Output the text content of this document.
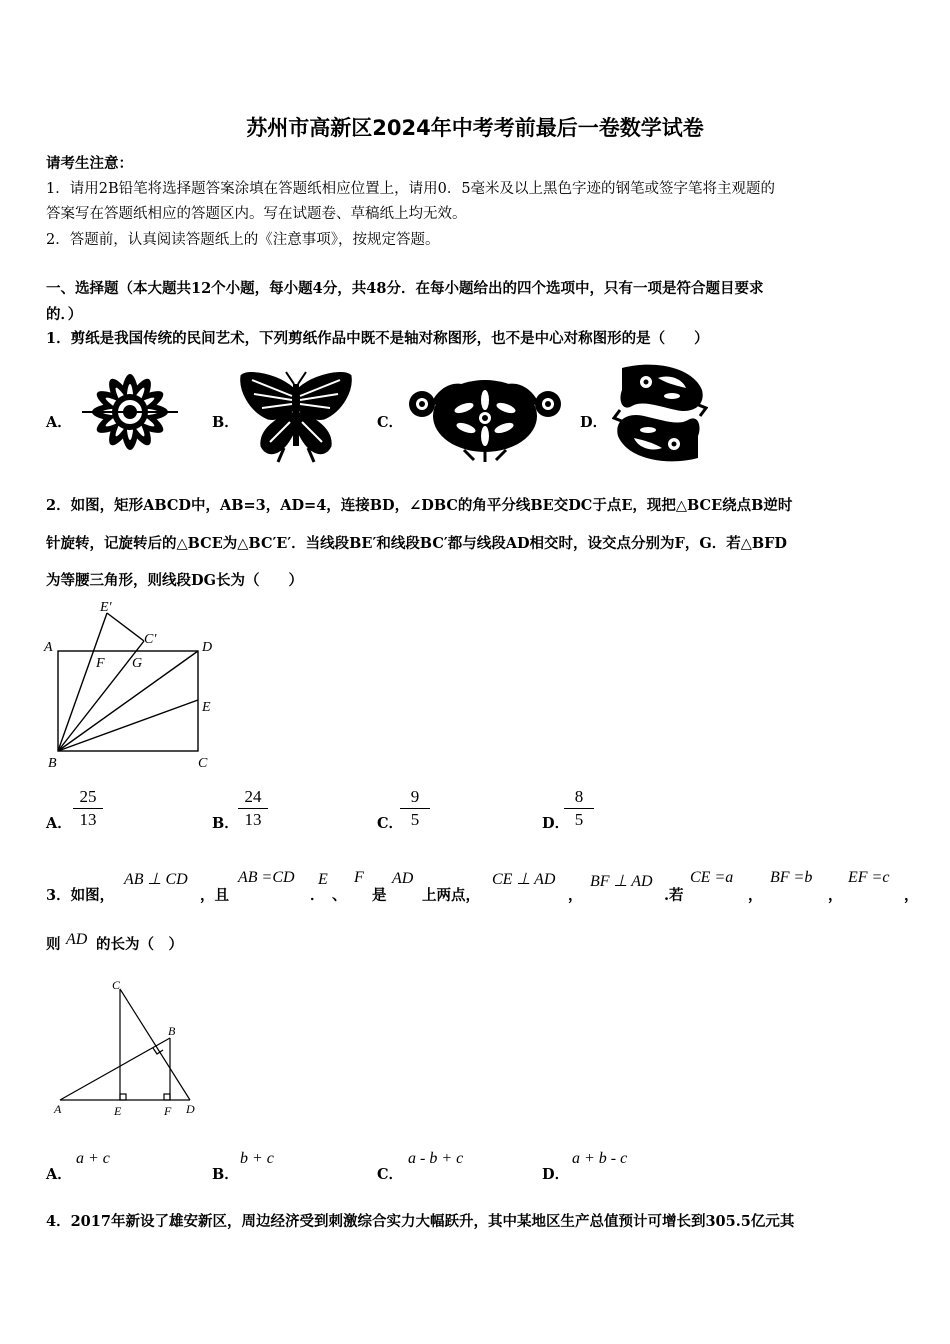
苏州市高新区2024年中考考前最后一卷数学试卷
请考生注意：
1．请用2B铅笔将选择题答案涂填在答题纸相应位置上，请用0．5毫米及以上黑色字迹的钢笔或签字笔将主观题的
答案写在答题纸相应的答题区内。写在试题卷、草稿纸上均无效。
2．答题前，认真阅读答题纸上的《注意事项》，按规定答题。
一、选择题（本大题共12个小题，每小题4分，共48分．在每小题给出的四个选项中，只有一项是符合题目要求
的．）
1．剪纸是我国传统的民间艺术，下列剪纸作品中既不是轴对称图形，也不是中心对称图形的是（　　）
A．	B．	C．	D．
2．如图，矩形ABCD中，AB=3，AD=4，连接BD，∠DBC的角平分线BE交DC于点E，现把△BCE绕点B逆时
针旋转，记旋转后的△BCE为△BC′E′．当线段BE′和线段BC′都与线段AD相交时，设交点分别为F，G．若△BFD
为等腰三角形，则线段DG长为（　　）
E′
C′
A	D
F G
E
B	C
A． $\frac{25}{13}$	B． $\frac{24}{13}$	C．
$\frac{9}{5}$	D．
$\frac{8}{5}$
3．如图，
AB ⊥ CD
，且
AB =CD
．
E
、
F
是
AD
上两点，
CE ⊥ AD
，
BF ⊥ AD
.若
CE =a
，
BF =b
，
EF =c
，
则 AD 的长为（　）
C
B
A	E	F D
A．
a + c
B．
b + c
C．
a - b + c
D．
a + b - c
4．2017年新设了雄安新区，周边经济受到刺激综合实力大幅跃升，其中某地区生产总值预计可增长到305.5亿元其
